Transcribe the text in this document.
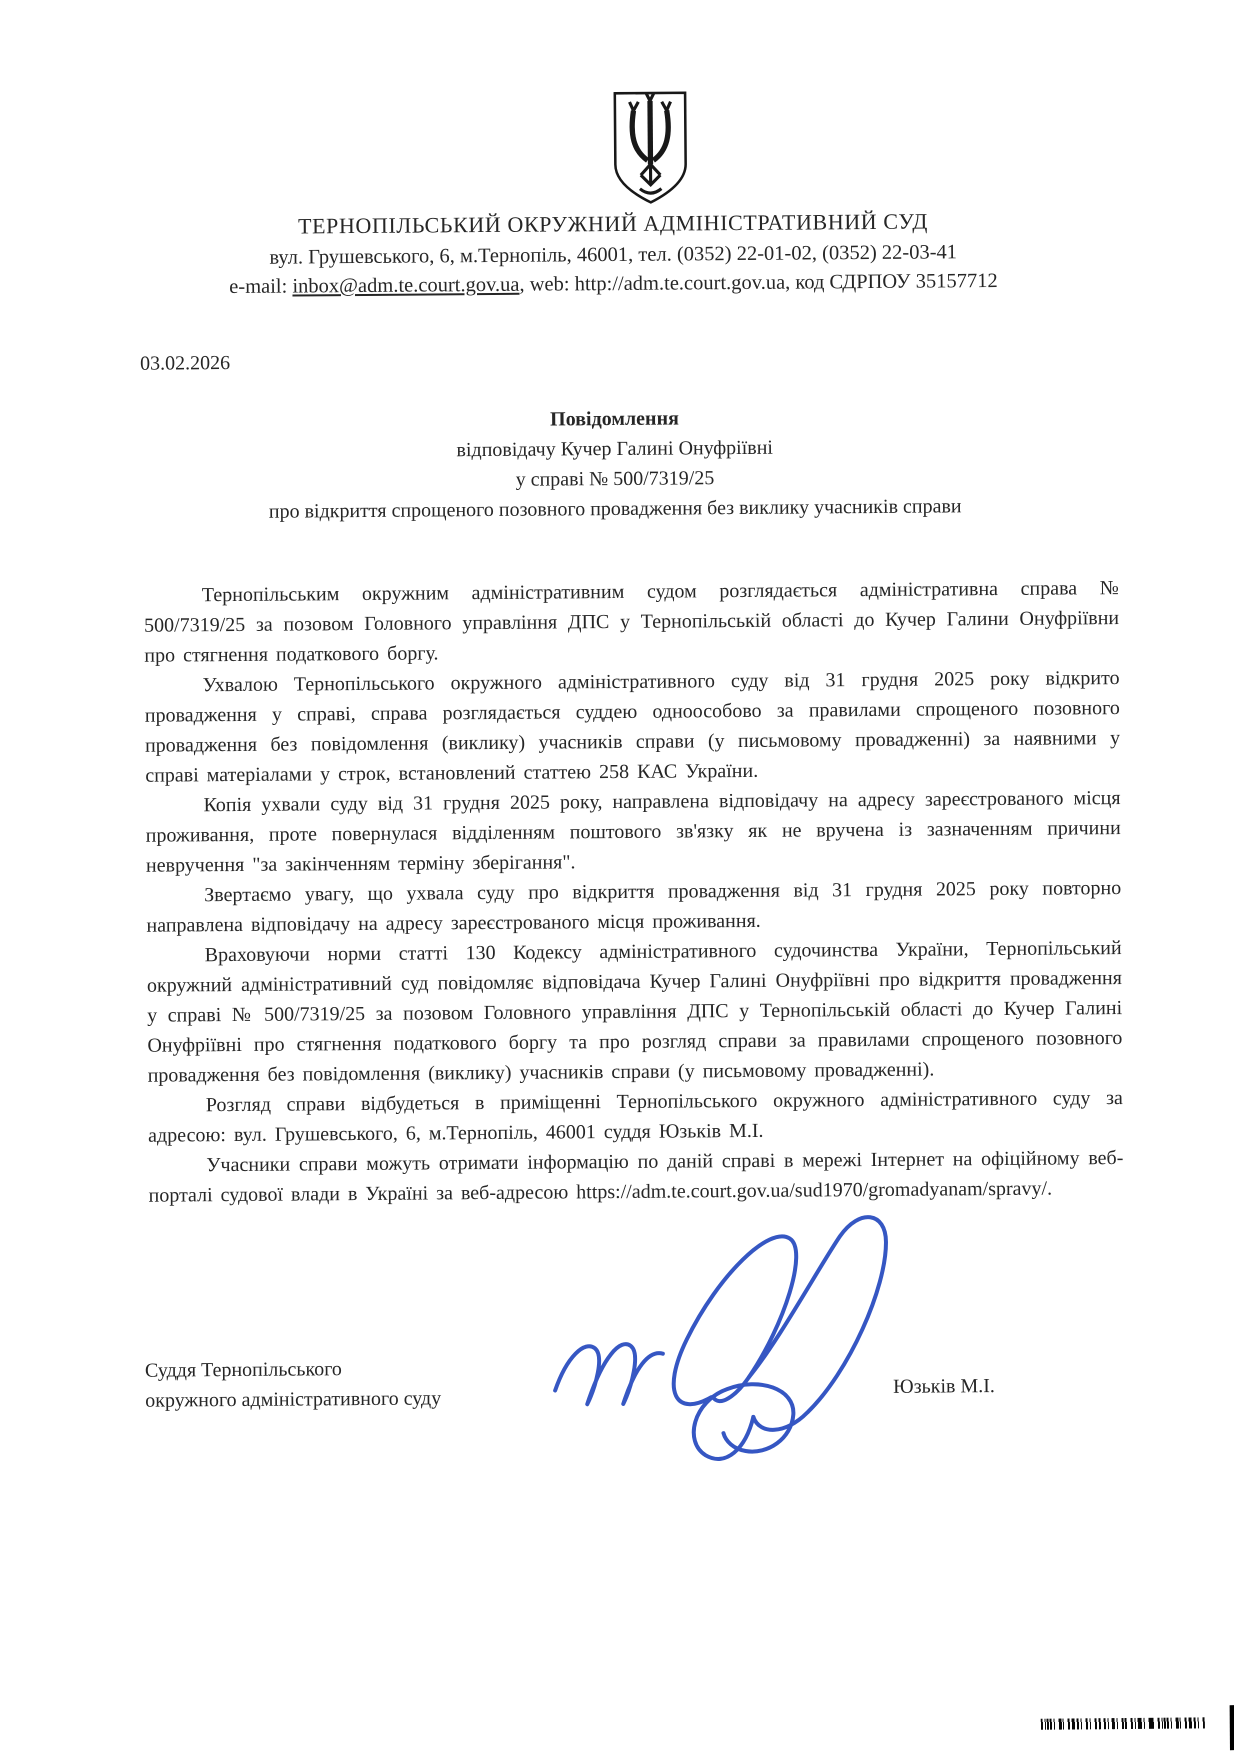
ТЕРНОПІЛЬСЬКИЙ ОКРУЖНИЙ АДМІНІСТРАТИВНИЙ СУД
вул. Грушевського, 6, м.Тернопіль, 46001, тел. (0352) 22-01-02, (0352) 22-03-41
e-mail: inbox@adm.te.court.gov.ua, web: http://adm.te.court.gov.ua, код СДРПОУ 35157712
03.02.2026
Повідомлення
відповідачу Кучер Галині Онуфріївні
у справі № 500/7319/25
про відкриття спрощеного позовного провадження без виклику учасників справи

Тернопільським окружним адміністративним судом розглядається адміністративна справа № 500/7319/25 за позовом Головного управління ДПС у Тернопільській області до Кучер Галини Онуфріївни про стягнення податкового боргу.

Ухвалою Тернопільського окружного адміністративного суду від 31 грудня 2025 року відкрито провадження у справі, справа розглядається суддею одноособово за правилами спрощеного позовного провадження без повідомлення (виклику) учасників справи (у письмовому провадженні) за наявними у справі матеріалами у строк, встановлений статтею 258 КАС України.

Копія ухвали суду від 31 грудня 2025 року, направлена відповідачу на адресу зареєстрованого місця проживання, проте повернулася відділенням поштового зв'язку як не вручена із зазначенням причини невручення "за закінченням терміну зберігання".

Звертаємо увагу, що ухвала суду про відкриття провадження від 31 грудня 2025 року повторно направлена відповідачу на адресу зареєстрованого місця проживання.

Враховуючи норми статті 130 Кодексу адміністративного судочинства України, Тернопільський окружний адміністративний суд повідомляє відповідача Кучер Галині Онуфріївні про відкриття провадження у справі № 500/7319/25 за позовом Головного управління ДПС у Тернопільській області до Кучер Галині Онуфріївні про стягнення податкового боргу та про розгляд справи за правилами спрощеного позовного провадження без повідомлення (виклику) учасників справи (у письмовому провадженні).

Розгляд справи відбудеться в приміщенні Тернопільського окружного адміністративного суду за адресою: вул. Грушевського, 6, м.Тернопіль, 46001 суддя Юзьків М.І.

Учасники справи можуть отримати інформацію по даній справі в мережі Інтернет на офіційному веб-порталі судової влади в Україні за веб-адресою https://adm.te.court.gov.ua/sud1970/gromadyanam/spravy/.

Суддя Тернопільського
окружного адміністративного суду
Юзьків М.І.
